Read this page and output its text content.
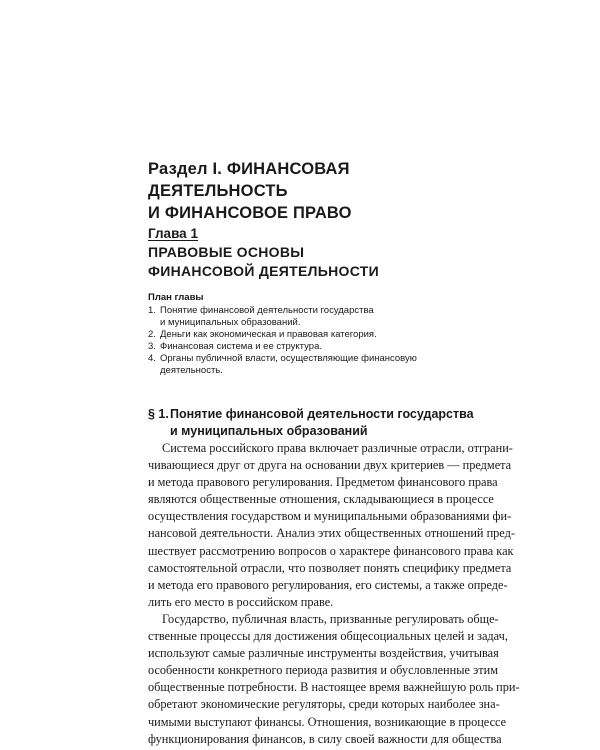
Раздел I. ФИНАНСОВАЯ ДЕЯТЕЛЬНОСТЬ
И ФИНАНСОВОЕ ПРАВО
Глава 1
ПРАВОВЫЕ ОСНОВЫ
ФИНАНСОВОЙ ДЕЯТЕЛЬНОСТИ
План главы
1. Понятие финансовой деятельности государства
и муниципальных образований.
2. Деньги как экономическая и правовая категория.
3. Финансовая система и ее структура.
4. Органы публичной власти, осуществляющие финансовую
деятельность.
§ 1.Понятие финансовой деятельности государства
и муниципальных образований
Система российского права включает различные отрасли, отграни-
чивающиеся друг от друга на основании двух критериев — предмета
и метода правового регулирования. Предметом финансового права
являются общественные отношения, складывающиеся в процессе
осуществления государством и муниципальными образованиями фи-
нансовой деятельности. Анализ этих общественных отношений пред-
шествует рассмотрению вопросов о характере финансового права как
самостоятельной отрасли, что позволяет понять специфику предмета
и метода его правового регулирования, его системы, а также опреде-
лить его место в российском праве.
Государство, публичная власть, призванные регулировать обще-
ственные процессы для достижения общесоциальных целей и задач,
используют самые различные инструменты воздействия, учитывая
особенности конкретного периода развития и обусловленные этим
общественные потребности. В настоящее время важнейшую роль при-
обретают экономические регуляторы, среди которых наиболее зна-
чимыми выступают финансы. Отношения, возникающие в процессе
функционирования финансов, в силу своей важности для общества
